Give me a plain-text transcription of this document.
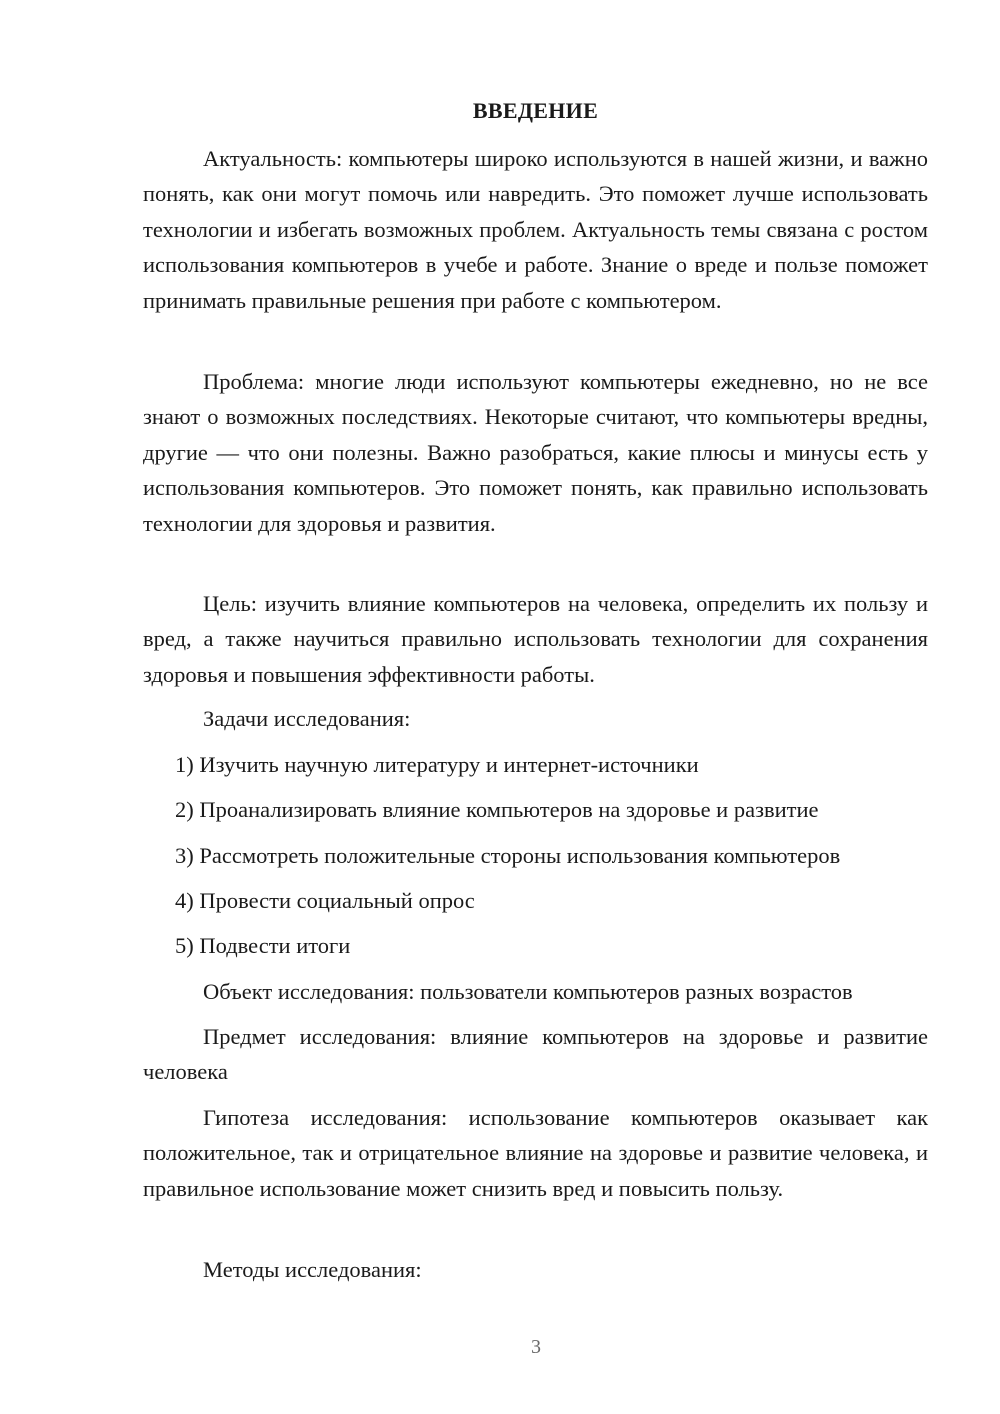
ВВЕДЕНИЕ

Актуальность: компьютеры широко используются в нашей жизни, и важно понять, как они могут помочь или навредить. Это поможет лучше использовать технологии и избегать возможных проблем. Актуальность темы связана с ростом использования компьютеров в учебе и работе. Знание о вреде и пользе поможет принимать правильные решения при работе с компьютером.

Проблема: многие люди используют компьютеры ежедневно, но не все знают о возможных последствиях. Некоторые считают, что компьютеры вредны, другие — что они полезны. Важно разобраться, какие плюсы и минусы есть у использования компьютеров. Это поможет понять, как правильно использовать технологии для здоровья и развития.

Цель: изучить влияние компьютеров на человека, определить их пользу и вред, а также научиться правильно использовать технологии для сохранения здоровья и повышения эффективности работы.

Задачи исследования:

1) Изучить научную литературу и интернет-источники

2) Проанализировать влияние компьютеров на здоровье и развитие

3) Рассмотреть положительные стороны использования компьютеров

4) Провести социальный опрос

5) Подвести итоги

Объект исследования: пользователи компьютеров разных возрастов

Предмет исследования: влияние компьютеров на здоровье и развитие человека

Гипотеза исследования: использование компьютеров оказывает как положительное, так и отрицательное влияние на здоровье и развитие человека, и правильное использование может снизить вред и повысить пользу.

Методы исследования:

3
